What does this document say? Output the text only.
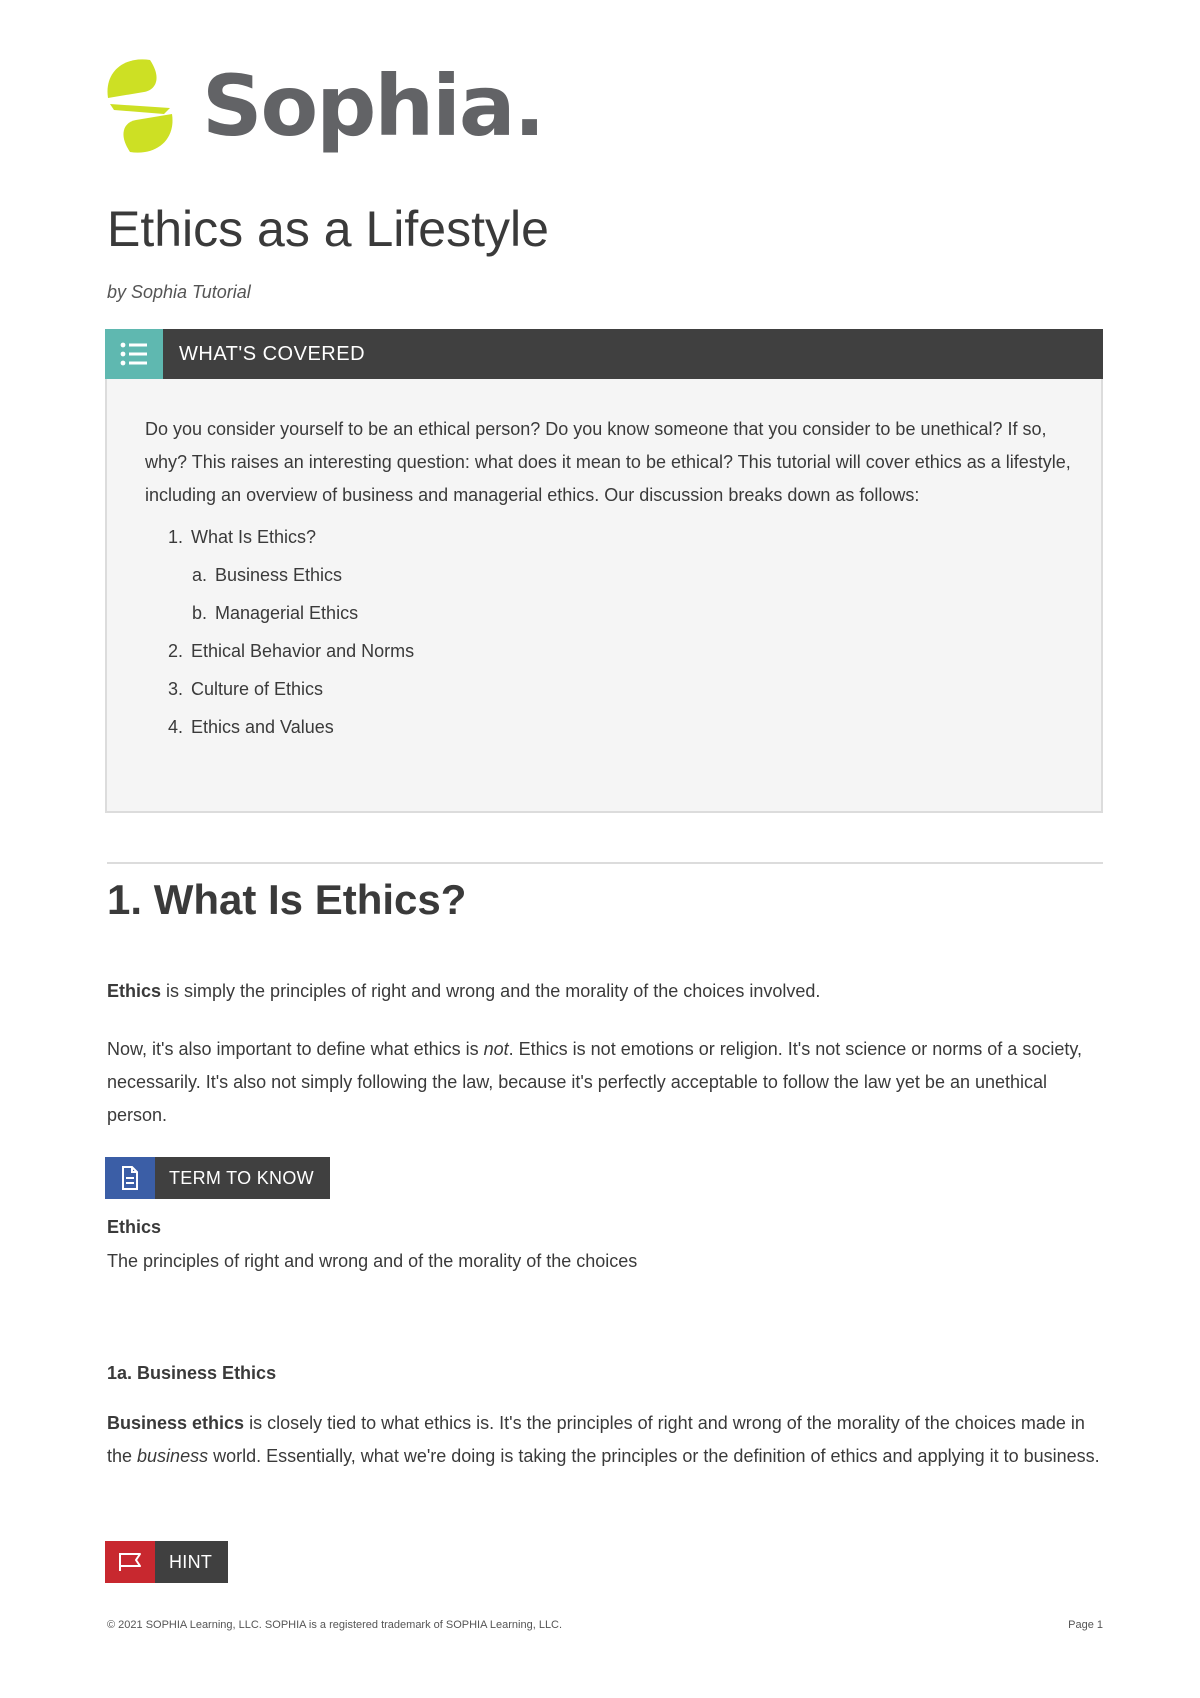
Sophia.
Ethics as a Lifestyle
by Sophia Tutorial
WHAT'S COVERED

Do you consider yourself to be an ethical person? Do you know someone that you consider to be unethical? If so, why? This raises an interesting question: what does it mean to be ethical? This tutorial will cover ethics as a lifestyle, including an overview of business and managerial ethics. Our discussion breaks down as follows:

1. What Is Ethics?
a. Business Ethics
b. Managerial Ethics
2. Ethical Behavior and Norms
3. Culture of Ethics
4. Ethics and Values
1. What Is Ethics?

Ethics is simply the principles of right and wrong and the morality of the choices involved.

Now, it's also important to define what ethics is not. Ethics is not emotions or religion. It's not science or norms of a society, necessarily. It's also not simply following the law, because it's perfectly acceptable to follow the law yet be an unethical person.

TERM TO KNOW
Ethics
The principles of right and wrong and of the morality of the choices
1a. Business Ethics

Business ethics is closely tied to what ethics is. It's the principles of right and wrong of the morality of the choices made in the business world. Essentially, what we're doing is taking the principles or the definition of ethics and applying it to business.

HINT
© 2021 SOPHIA Learning, LLC. SOPHIA is a registered trademark of SOPHIA Learning, LLC.	Page 1
